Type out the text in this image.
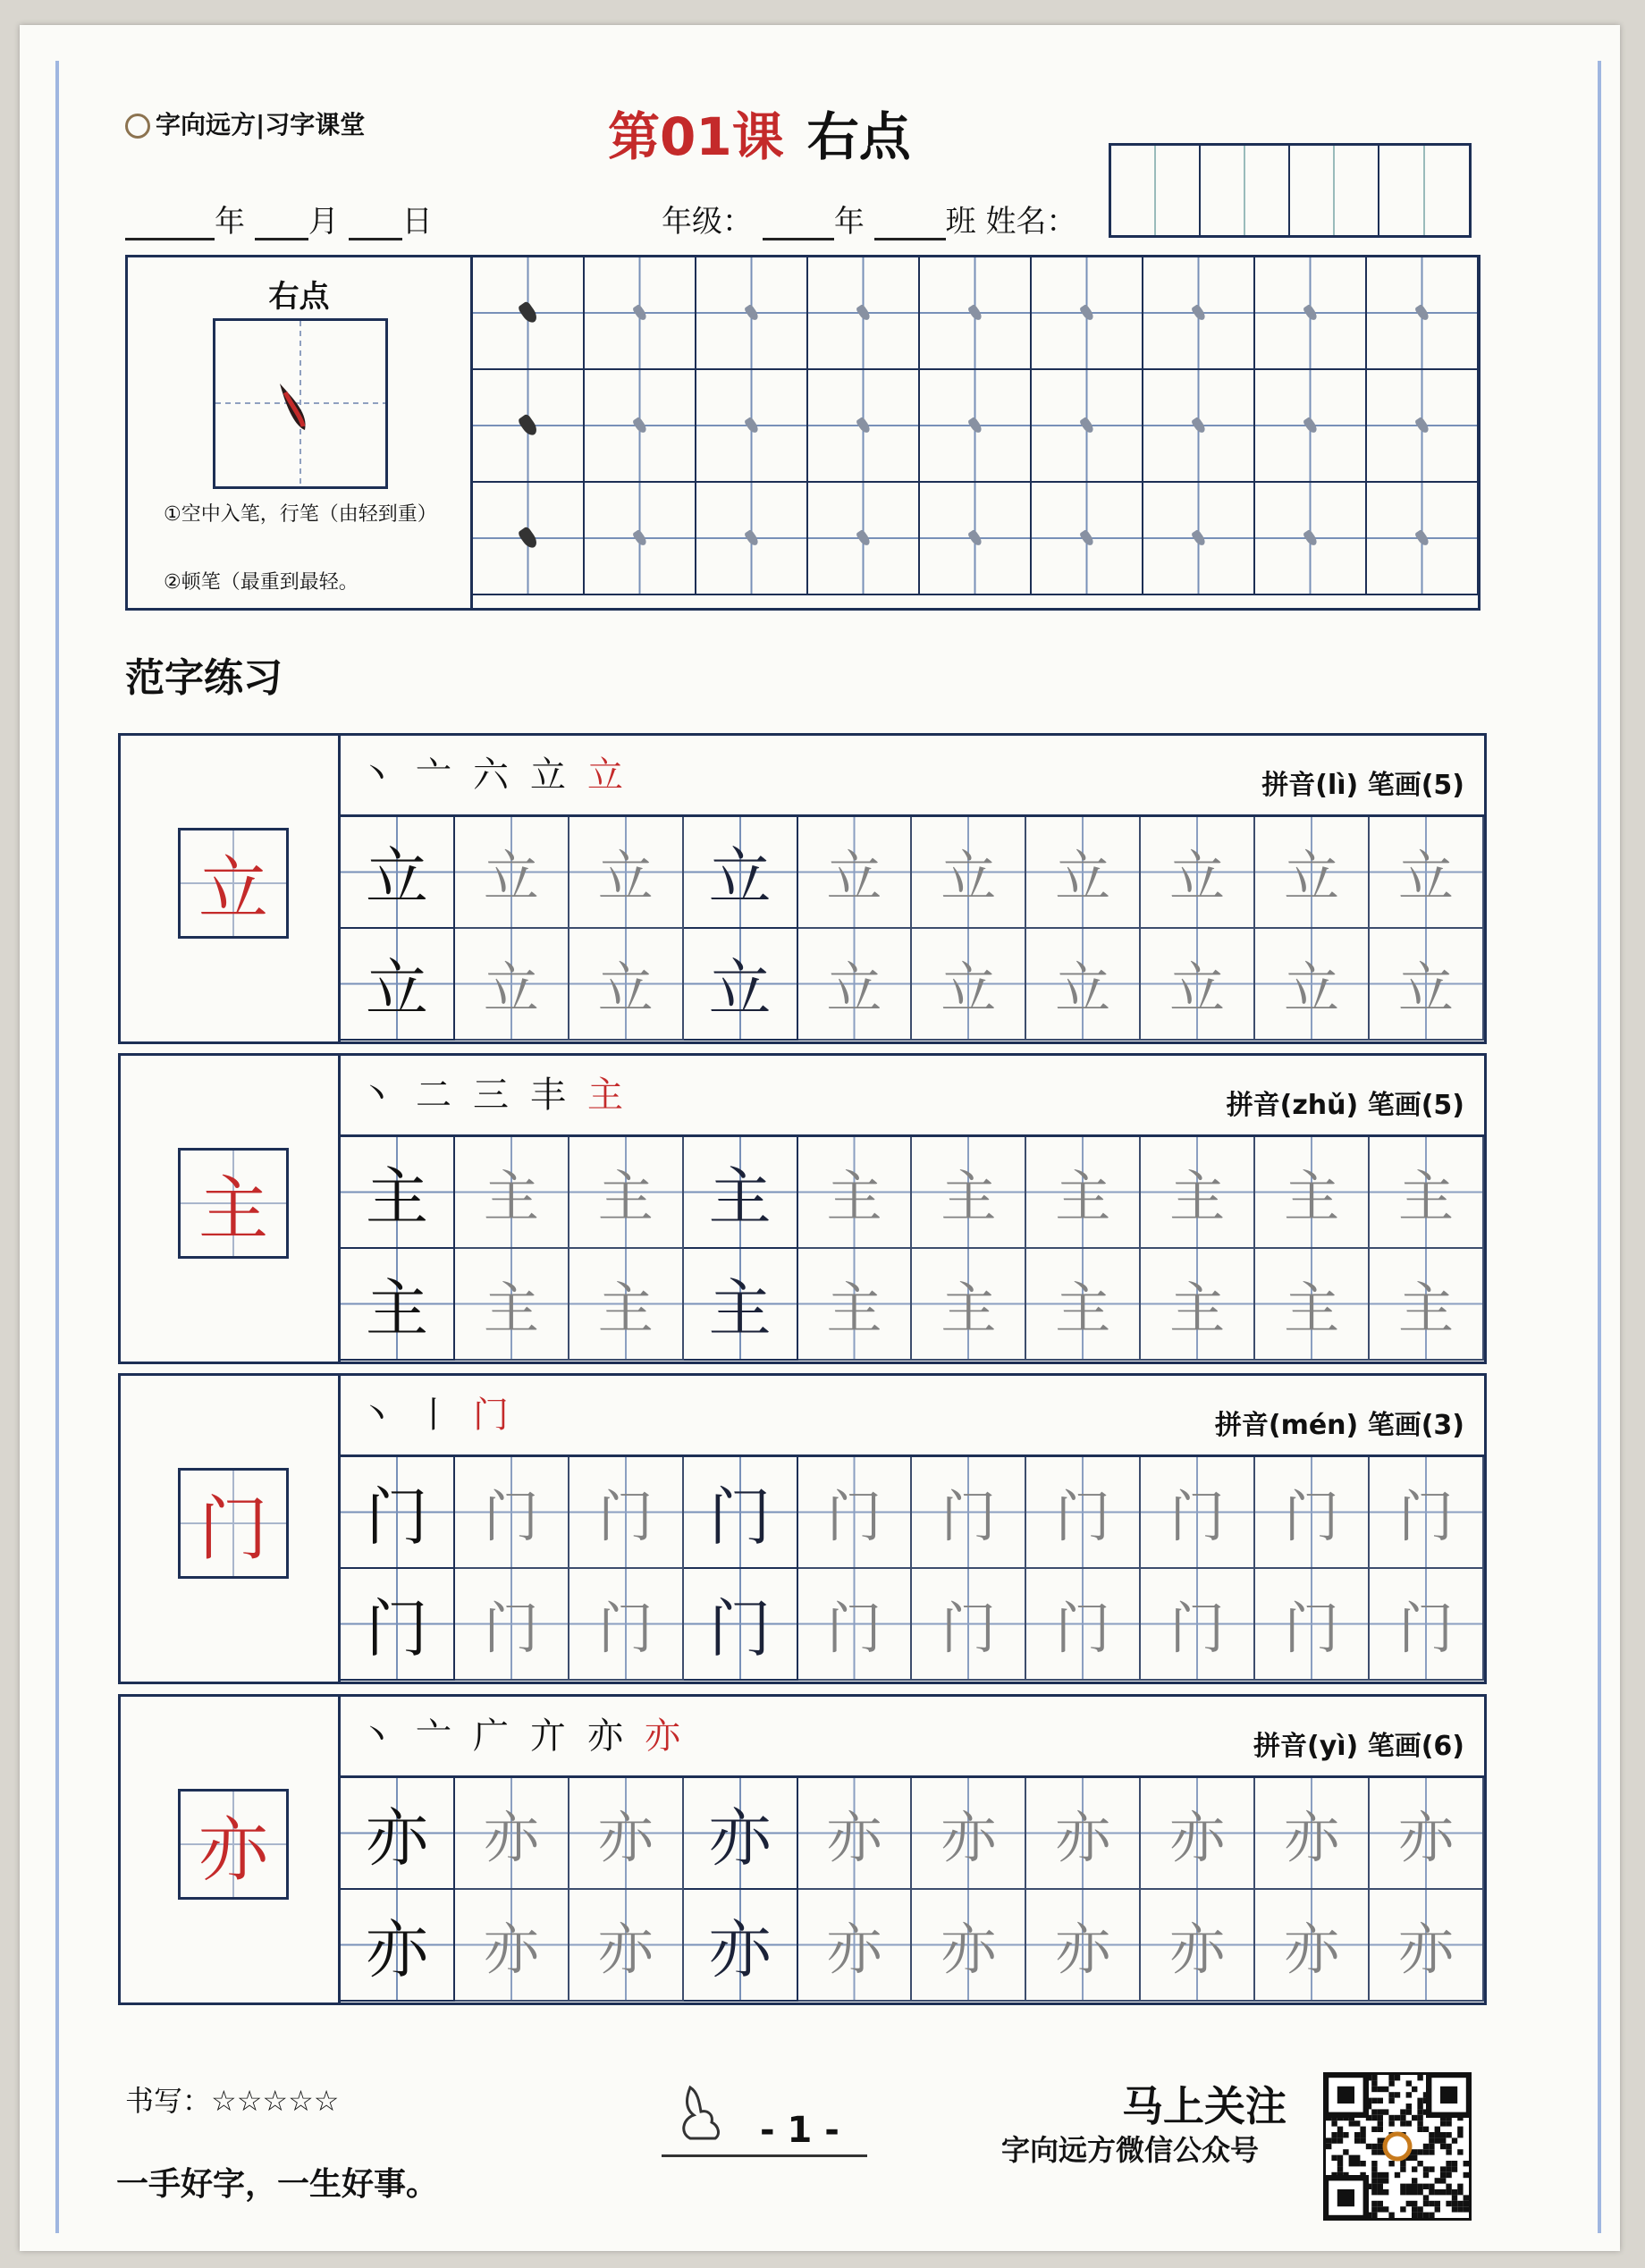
字向远方|习字课堂	第01课 右点
年 月 日	年级：	年	班 姓名：
右点
①空中入笔，行笔（由轻到重）
②顿笔（最重到最轻。
范字练习
立
丶亠六立立	拼音(lì) 笔画(5)
立 立	立 立 立	立	立	立	立	立
立 立	立 立 立	立	立	立	立	立
主
丶二三丰主	拼音(zhǔ) 笔画(5)
主 主	主 主 主	主	主	主	主	主
主 主	主 主 主	主	主	主	主	主
门
丶丨门	拼音(mén) 笔画(3)
门 门	门 门 门	门	门	门	门	门
门 门	门 门 门	门	门	门	门	门
亦
丶亠广亣亦亦	拼音(yì) 笔画(6)
亦 亦	亦 亦 亦	亦	亦	亦	亦	亦
亦 亦	亦 亦 亦	亦	亦	亦	亦	亦
书写：☆☆☆☆☆
一手好字，一生好事。
- 1 -	马上关注
字向远方微信公众号
